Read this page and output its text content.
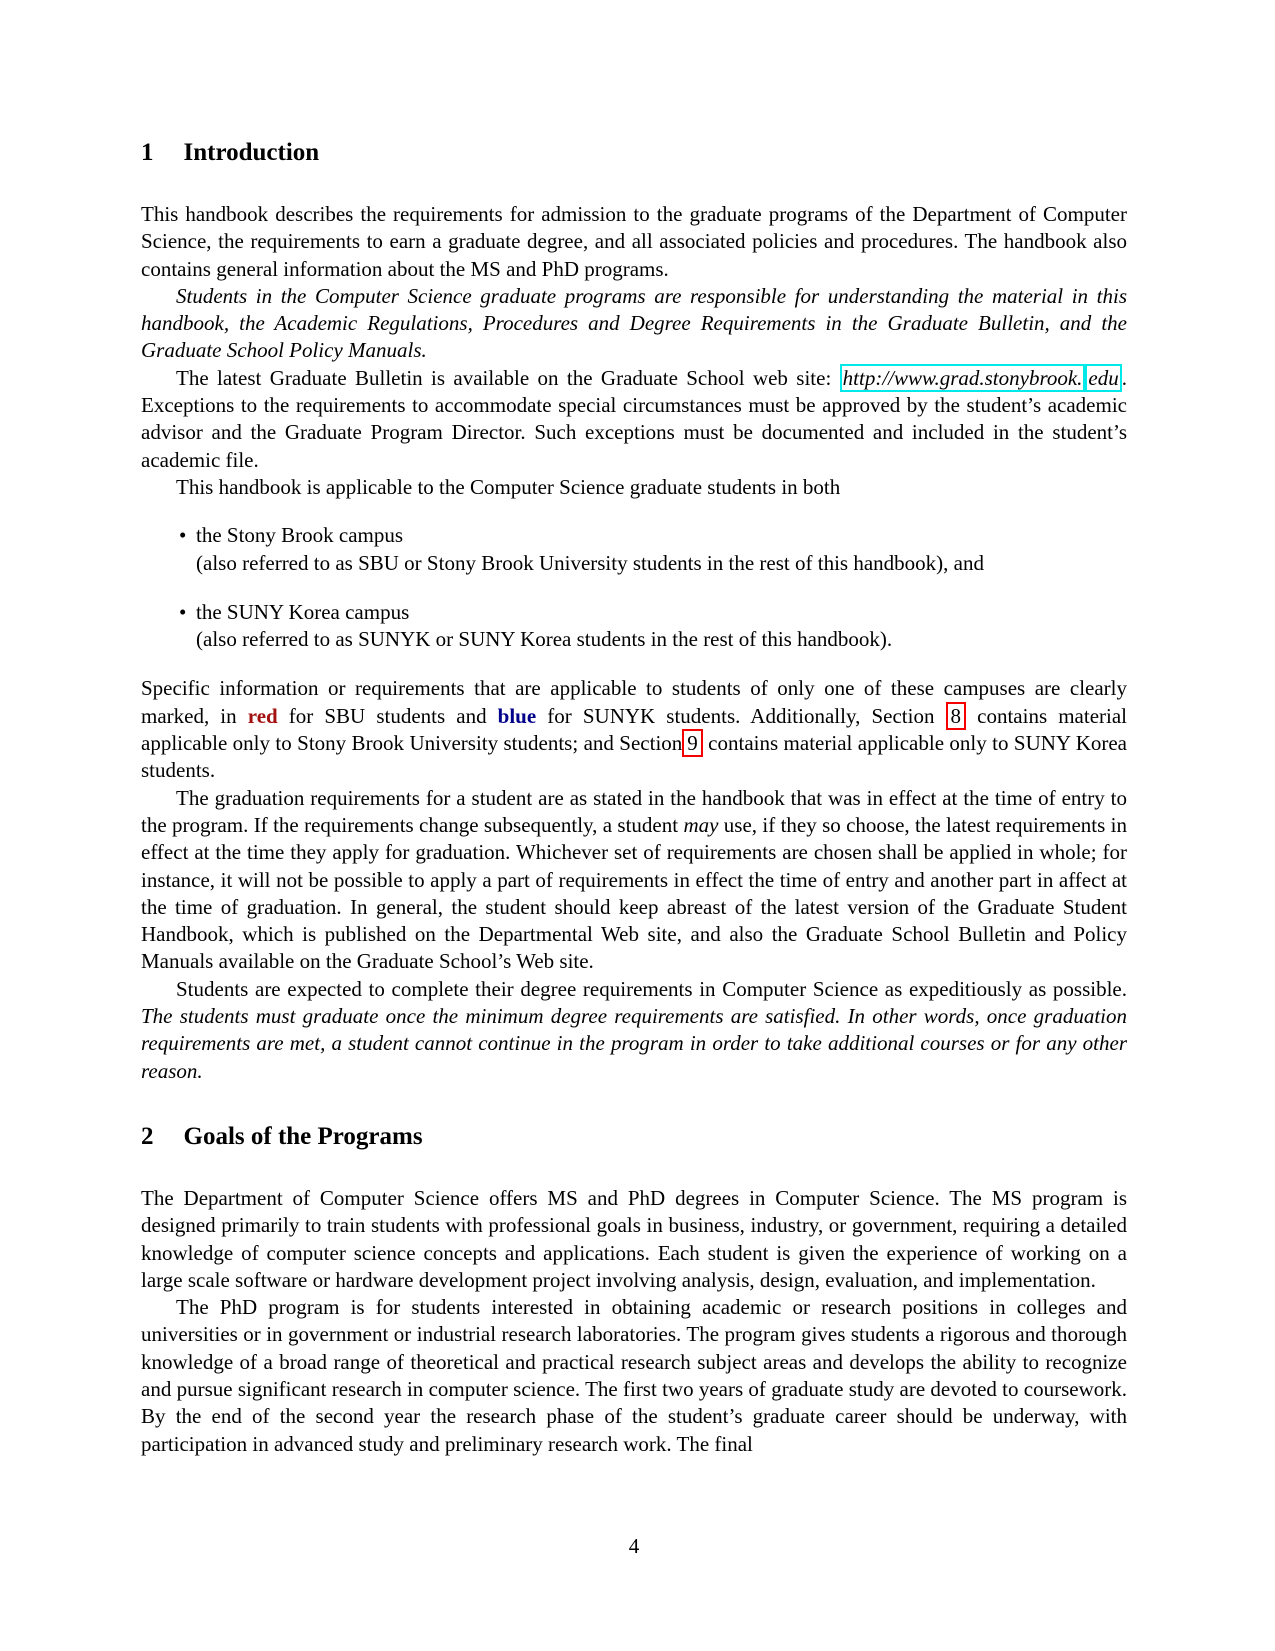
1 Introduction

This handbook describes the requirements for admission to the graduate programs of the Department of Computer Science, the requirements to earn a graduate degree, and all associated policies and procedures. The handbook also contains general information about the MS and PhD programs.

Students in the Computer Science graduate programs are responsible for understanding the material in this handbook, the Academic Regulations, Procedures and Degree Requirements in the Graduate Bulletin, and the Graduate School Policy Manuals.

The latest Graduate Bulletin is available on the Graduate School web site: http://www.grad.stonybrook. edu . Exceptions to the requirements to accommodate special circumstances must be approved by the student’s academic advisor and the Graduate Program Director. Such exceptions must be documented and included in the student’s academic file.

This handbook is applicable to the Computer Science graduate students in both

• the Stony Brook campus
(also referred to as SBU or Stony Brook University students in the rest of this handbook), and
• the SUNY Korea campus
(also referred to as SUNYK or SUNY Korea students in the rest of this handbook).

Specific information or requirements that are applicable to students of only one of these campuses are clearly marked, in red for SBU students and blue for SUNYK students. Additionally, Section 8 contains material applicable only to Stony Brook University students; and Section 9 contains material applicable only to SUNY Korea students.

The graduation requirements for a student are as stated in the handbook that was in effect at the time of entry to the program. If the requirements change subsequently, a student may use, if they so choose, the latest requirements in effect at the time they apply for graduation. Whichever set of requirements are chosen shall be applied in whole; for instance, it will not be possible to apply a part of requirements in effect the time of entry and another part in affect at the time of graduation. In general, the student should keep abreast of the latest version of the Graduate Student Handbook, which is published on the Departmental Web site, and also the Graduate School Bulletin and Policy Manuals available on the Graduate School’s Web site.

Students are expected to complete their degree requirements in Computer Science as expeditiously as possible. The students must graduate once the minimum degree requirements are satisfied. In other words, once graduation requirements are met, a student cannot continue in the program in order to take additional courses or for any other reason.

2 Goals of the Programs

The Department of Computer Science offers MS and PhD degrees in Computer Science. The MS program is designed primarily to train students with professional goals in business, industry, or government, requiring a detailed knowledge of computer science concepts and applications. Each student is given the experience of working on a large scale software or hardware development project involving analysis, design, evaluation, and implementation.

The PhD program is for students interested in obtaining academic or research positions in colleges and universities or in government or industrial research laboratories. The program gives students a rigorous and thorough knowledge of a broad range of theoretical and practical research subject areas and develops the ability to recognize and pursue significant research in computer science. The first two years of graduate study are devoted to coursework. By the end of the second year the research phase of the student’s graduate career should be underway, with participation in advanced study and preliminary research work. The final

4
